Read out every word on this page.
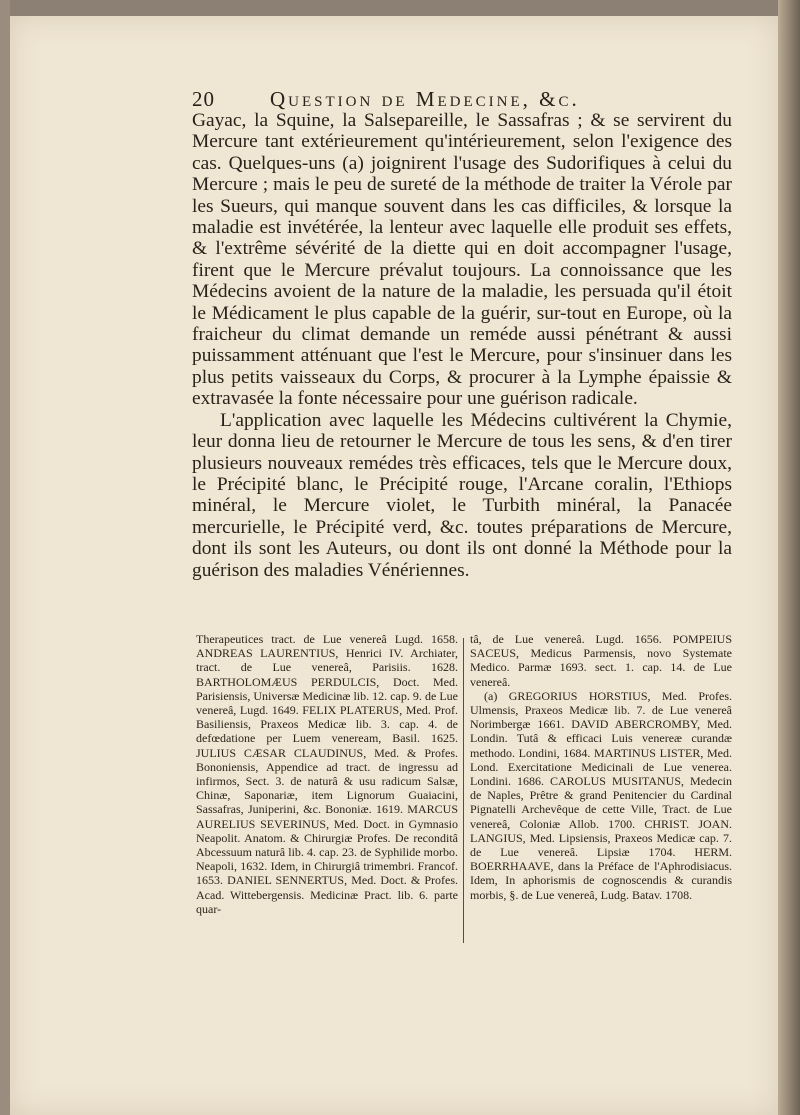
20	Question de Medecine, &c.

Gayac, la Squine, la Salsepareille, le Sassafras ; & se servirent du Mercure tant extérieurement qu'intérieurement, selon l'exigence des cas. Quelques-uns (a) joignirent l'usage des Sudorifiques à celui du Mercure ; mais le peu de sureté de la méthode de traiter la Vérole par les Sueurs, qui manque souvent dans les cas difficiles, & lorsque la maladie est invétérée, la lenteur avec laquelle elle produit ses effets, & l'extrême sévérité de la diette qui en doit accompagner l'usage, firent que le Mercure prévalut toujours. La connoissance que les Médecins avoient de la nature de la maladie, les persuada qu'il étoit le Médicament le plus capable de la guérir, sur-tout en Europe, où la fraicheur du climat demande un reméde aussi pénétrant & aussi puissamment atténuant que l'est le Mercure, pour s'insinuer dans les plus petits vaisseaux du Corps, & procurer à la Lymphe épaissie & extravasée la fonte nécessaire pour une guérison radicale.

L'application avec laquelle les Médecins cultivérent la Chymie, leur donna lieu de retourner le Mercure de tous les sens, & d'en tirer plusieurs nouveaux remédes très efficaces, tels que le Mercure doux, le Précipité blanc, le Précipité rouge, l'Arcane coralin, l'Ethiops minéral, le Mercure violet, le Turbith minéral, la Panacée mercurielle, le Précipité verd, &c. toutes préparations de Mercure, dont ils sont les Auteurs, ou dont ils ont donné la Méthode pour la guérison des maladies Vénériennes.

Therapeutices tract. de Lue venereâ Lugd. 1658. ANDREAS LAURENTIUS, Henrici IV. Archiater, tract. de Lue venereâ, Parisiis. 1628. BARTHOLOMÆUS PERDULCIS, Doct. Med. Parisiensis, Universæ Medicinæ lib. 12. cap. 9. de Lue venereâ, Lugd. 1649. FELIX PLATERUS, Med. Prof. Basiliensis, Praxeos Medicæ lib. 3. cap. 4. de defœdatione per Luem veneream, Basil. 1625. JULIUS CÆSAR CLAUDINUS, Med. & Profes. Bononiensis, Appendice ad tract. de ingressu ad infirmos, Sect. 3. de naturâ & usu radicum Salsæ, Chinæ, Saponariæ, item Lignorum Guaiacini, Sassafras, Juniperini, &c. Bononiæ. 1619. MARCUS AURELIUS SEVERINUS, Med. Doct. in Gymnasio Neapolit. Anatom. & Chirurgiæ Profes. De reconditâ Abcessuum naturâ lib. 4. cap. 23. de Syphilide morbo. Neapoli, 1632. Idem, in Chirurgiâ trimembri. Francof. 1653. DANIEL SENNERTUS, Med. Doct. & Profes. Acad. Wittebergensis. Medicinæ Pract. lib. 6. parte quar-

tâ, de Lue venereâ. Lugd. 1656. POMPEIUS SACEUS, Medicus Parmensis, novo Systemate Medico. Parmæ 1693. sect. 1. cap. 14. de Lue venereâ.

(a) GREGORIUS HORSTIUS, Med. Profes. Ulmensis, Praxeos Medicæ lib. 7. de Lue venereâ Norimbergæ 1661. DAVID ABERCROMBY, Med. Londin. Tutâ & efficaci Luis venereæ curandæ methodo. Londini, 1684. MARTINUS LISTER, Med. Lond. Exercitatione Medicinali de Lue venerea. Londini. 1686. CAROLUS MUSITANUS, Medecin de Naples, Prêtre & grand Penitencier du Cardinal Pignatelli Archevêque de cette Ville, Tract. de Lue venereâ, Coloniæ Allob. 1700. CHRIST. JOAN. LANGIUS, Med. Lipsiensis, Praxeos Medicæ cap. 7. de Lue venereâ. Lipsiæ 1704. HERM. BOERRHAAVE, dans la Préface de l'Aphrodisiacus. Idem, In aphorismis de cognoscendis & curandis morbis, §. de Lue venereâ, Ludg. Batav. 1708.
